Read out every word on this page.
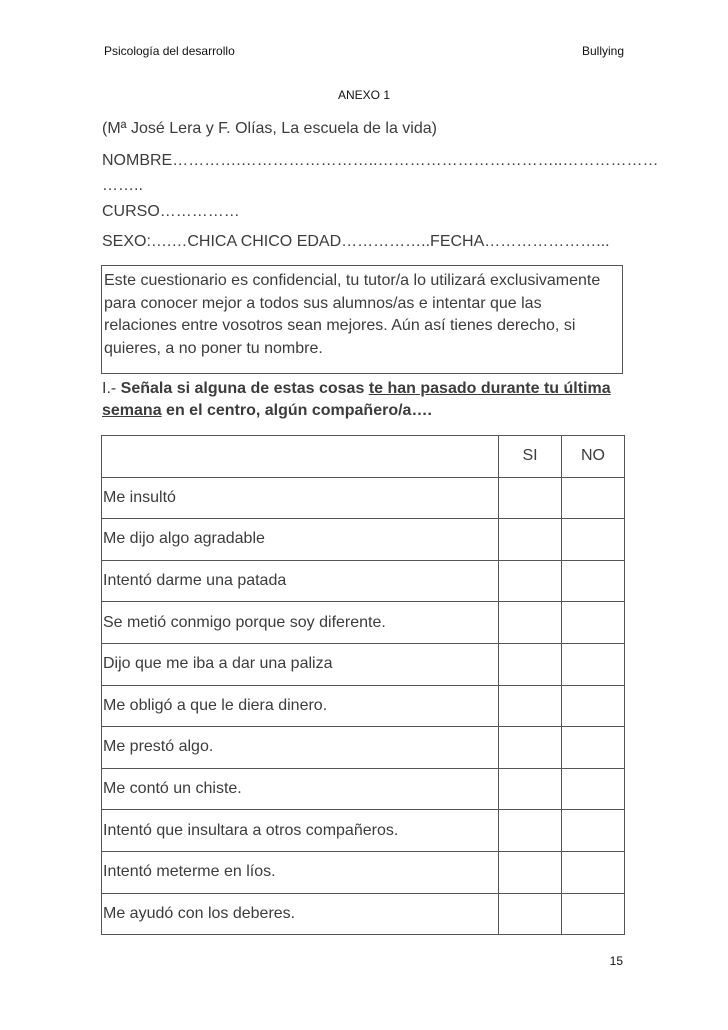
Psicología del desarrollo	Bullying
ANEXO 1
(Mª José Lera y F. Olías, La escuela de la vida)
NOMBRE………….……………………..……………………………..………………
……..
CURSO……………
SEXO:….…CHICA CHICO EDAD……………..FECHA…………………...
Este cuestionario es confidencial, tu tutor/a lo utilizará exclusivamente para conocer mejor a todos sus alumnos/as e intentar que las relaciones entre vosotros sean mejores. Aún así tienes derecho, si quieres, a no poner tu nombre.
I.- Señala si alguna de estas cosas te han pasado durante tu última
semana en el centro, algún compañero/a….
	SI	NO
Me insultó		
Me dijo algo agradable		
Intentó darme una patada		
Se metió conmigo porque soy diferente.		
Dijo que me iba a dar una paliza		
Me obligó a que le diera dinero.		
Me prestó algo.		
Me contó un chiste.		
Intentó que insultara a otros compañeros.		
Intentó meterme en líos.		
Me ayudó con los deberes.		
15
